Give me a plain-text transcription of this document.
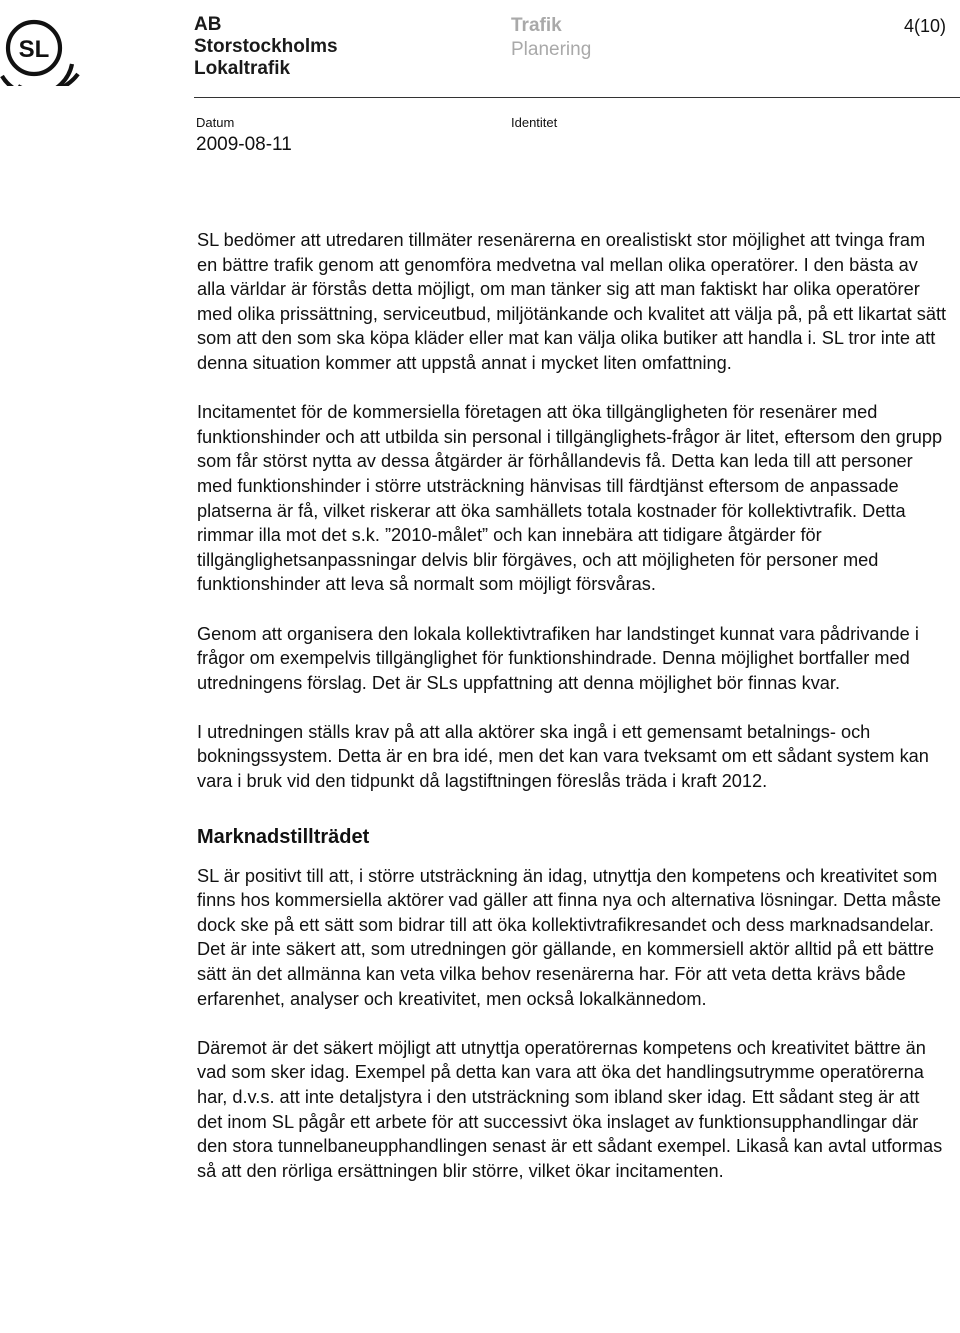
SL
AB
Storstockholms
Lokaltrafik
Trafik
Planering
4(10)
Datum	Identitet
2009-08-11

SL bedömer att utredaren tillmäter resenärerna en orealistiskt stor möjlighet att tvinga fram en bättre trafik genom att genomföra medvetna val mellan olika operatörer. I den bästa av alla världar är förstås detta möjligt, om man tänker sig att man faktiskt har olika operatörer med olika prissättning, serviceutbud, miljötänkande och kvalitet att välja på, på ett likartat sätt som att den som ska köpa kläder eller mat kan välja olika butiker att handla i. SL tror inte att denna situation kommer att uppstå annat i mycket liten omfattning.

Incitamentet för de kommersiella företagen att öka tillgängligheten för resenärer med funktionshinder och att utbilda sin personal i tillgänglighets-frågor är litet, eftersom den grupp som får störst nytta av dessa åtgärder är förhållandevis få. Detta kan leda till att personer med funktionshinder i större utsträckning hänvisas till färdtjänst eftersom de anpassade platserna är få, vilket riskerar att öka samhällets totala kostnader för kollektivtrafik. Detta rimmar illa mot det s.k. ”2010-målet” och kan innebära att tidigare åtgärder för tillgänglighetsanpassningar delvis blir förgäves, och att möjligheten för personer med funktionshinder att leva så normalt som möjligt försvåras.

Genom att organisera den lokala kollektivtrafiken har landstinget kunnat vara pådrivande i frågor om exempelvis tillgänglighet för funktionshindrade. Denna möjlighet bortfaller med utredningens förslag. Det är SLs uppfattning att denna möjlighet bör finnas kvar.

I utredningen ställs krav på att alla aktörer ska ingå i ett gemensamt betalnings- och bokningssystem. Detta är en bra idé, men det kan vara tveksamt om ett sådant system kan vara i bruk vid den tidpunkt då lagstiftningen föreslås träda i kraft 2012.

Marknadstillträdet

SL är positivt till att, i större utsträckning än idag, utnyttja den kompetens och kreativitet som finns hos kommersiella aktörer vad gäller att finna nya och alternativa lösningar. Detta måste dock ske på ett sätt som bidrar till att öka kollektivtrafikresandet och dess marknadsandelar. Det är inte säkert att, som utredningen gör gällande, en kommersiell aktör alltid på ett bättre sätt än det allmänna kan veta vilka behov resenärerna har. För att veta detta krävs både erfarenhet, analyser och kreativitet, men också lokalkännedom.

Däremot är det säkert möjligt att utnyttja operatörernas kompetens och kreativitet bättre än vad som sker idag. Exempel på detta kan vara att öka det handlingsutrymme operatörerna har, d.v.s. att inte detaljstyra i den utsträckning som ibland sker idag. Ett sådant steg är att det inom SL pågår ett arbete för att successivt öka inslaget av funktionsupphandlingar där den stora tunnelbaneupphandlingen senast är ett sådant exempel. Likaså kan avtal utformas så att den rörliga ersättningen blir större, vilket ökar incitamenten.
